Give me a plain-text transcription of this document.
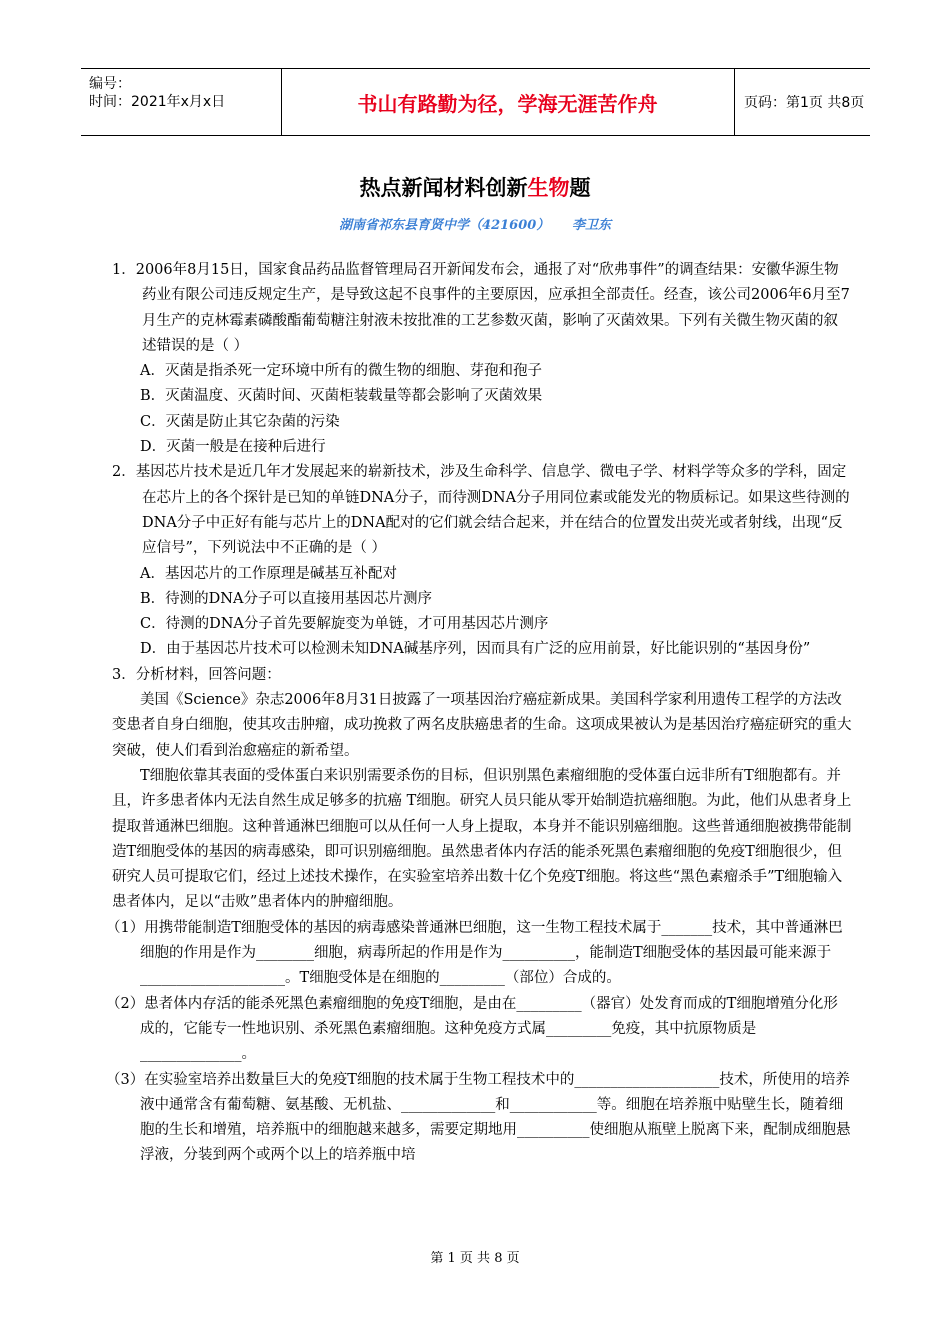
编号：
时间：2021年x月x日	书山有路勤为径，学海无涯苦作舟	页码：第1页 共8页
热点新闻材料创新生物题
湖南省祁东县育贤中学（421600）     李卫东

1．2006年8月15日，国家食品药品监督管理局召开新闻发布会，通报了对“欣弗事件”的调查结果：安徽华源生物药业有限公司违反规定生产，是导致这起不良事件的主要原因，应承担全部责任。经查，该公司2006年6月至7月生产的克林霉素磷酸酯葡萄糖注射液未按批准的工艺参数灭菌，影响了灭菌效果。下列有关微生物灭菌的叙述错误的是（ ）

A．灭菌是指杀死一定环境中所有的微生物的细胞、芽孢和孢子

B．灭菌温度、灭菌时间、灭菌柜装载量等都会影响了灭菌效果

C．灭菌是防止其它杂菌的污染

D．灭菌一般是在接种后进行

2．基因芯片技术是近几年才发展起来的崭新技术，涉及生命科学、信息学、微电子学、材料学等众多的学科，固定在芯片上的各个探针是已知的单链DNA分子，而待测DNA分子用同位素或能发光的物质标记。如果这些待测的DNA分子中正好有能与芯片上的DNA配对的它们就会结合起来，并在结合的位置发出荧光或者射线，出现“反应信号”，下列说法中不正确的是（ ）

A．基因芯片的工作原理是碱基互补配对

B．待测的DNA分子可以直接用基因芯片测序

C．待测的DNA分子首先要解旋变为单链，才可用基因芯片测序

D．由于基因芯片技术可以检测未知DNA碱基序列，因而具有广泛的应用前景，好比能识别的“基因身份”

3．分析材料，回答问题：

美国《Science》杂志2006年8月31日披露了一项基因治疗癌症新成果。美国科学家利用遗传工程学的方法改变患者自身白细胞，使其攻击肿瘤，成功挽救了两名皮肤癌患者的生命。这项成果被认为是基因治疗癌症研究的重大突破，使人们看到治愈癌症的新希望。

T细胞依靠其表面的受体蛋白来识别需要杀伤的目标，但识别黑色素瘤细胞的受体蛋白远非所有T细胞都有。并且，许多患者体内无法自然生成足够多的抗癌 T细胞。研究人员只能从零开始制造抗癌细胞。为此，他们从患者身上提取普通淋巴细胞。这种普通淋巴细胞可以从任何一人身上提取，本身并不能识别癌细胞。这些普通细胞被携带能制造T细胞受体的基因的病毒感染，即可识别癌细胞。虽然患者体内存活的能杀死黑色素瘤细胞的免疫T细胞很少，但研究人员可提取它们，经过上述技术操作，在实验室培养出数十亿个免疫T细胞。将这些“黑色素瘤杀手”T细胞输入患者体内，足以“击败”患者体内的肿瘤细胞。

（1）用携带能制造T细胞受体的基因的病毒感染普通淋巴细胞，这一生物工程技术属于_______技术，其中普通淋巴细胞的作用是作为________细胞，病毒所起的作用是作为__________，能制造T细胞受体的基因最可能来源于____________________。T细胞受体是在细胞的_________（部位）合成的。

（2）患者体内存活的能杀死黑色素瘤细胞的免疫T细胞，是由在_________（器官）处发育而成的T细胞增殖分化形成的，它能专一性地识别、杀死黑色素瘤细胞。这种免疫方式属_________免疫，其中抗原物质是______________。

（3）在实验室培养出数量巨大的免疫T细胞的技术属于生物工程技术中的____________________技术，所使用的培养液中通常含有葡萄糖、氨基酸、无机盐、_____________和____________等。细胞在培养瓶中贴壁生长，随着细胞的生长和增殖，培养瓶中的细胞越来越多，需要定期地用__________使细胞从瓶壁上脱离下来，配制成细胞悬浮液，分装到两个或两个以上的培养瓶中培

第 1 页 共 8 页
